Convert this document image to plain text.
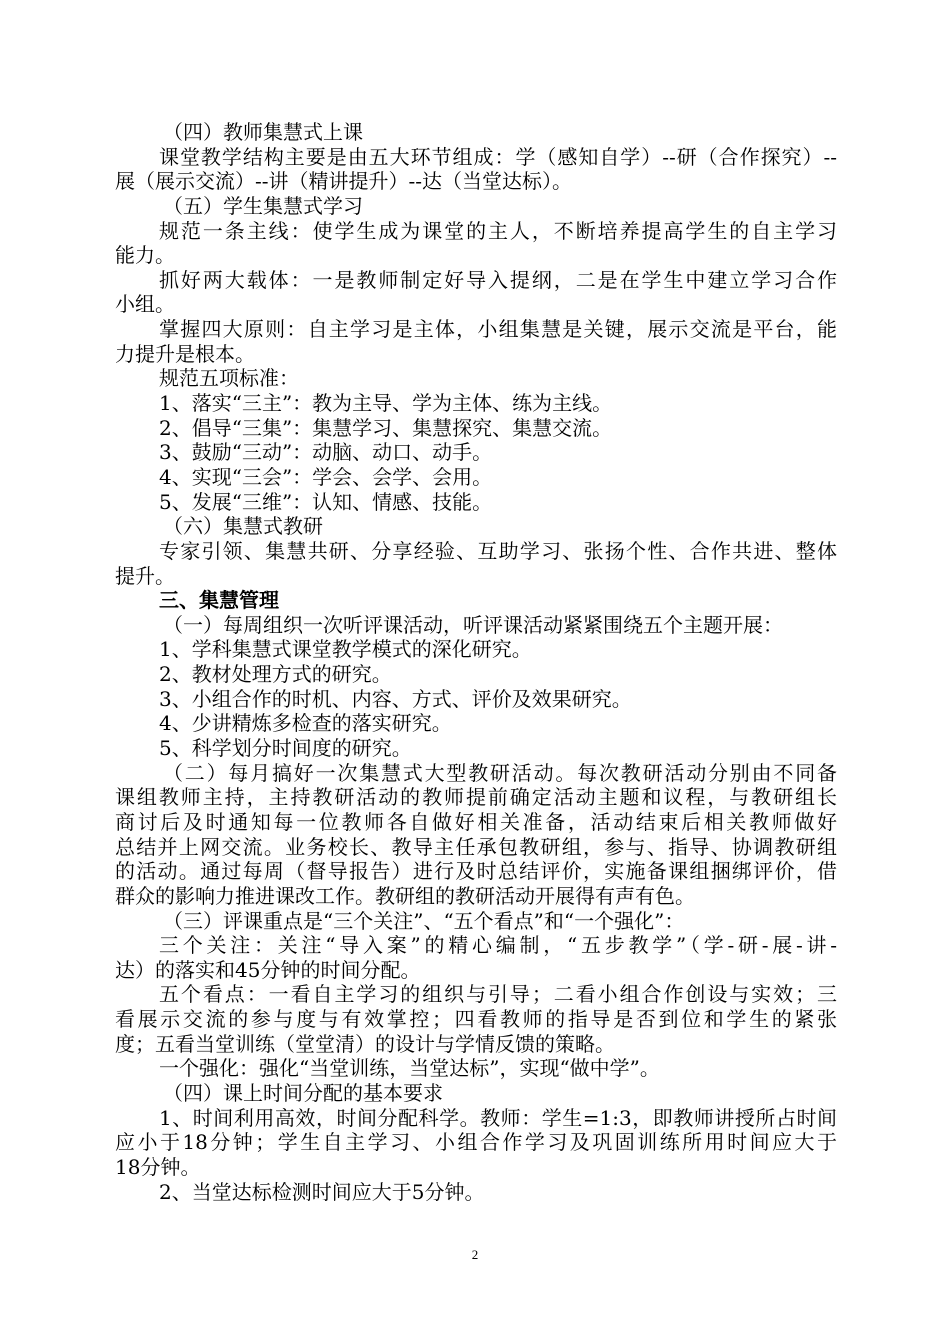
（四）教师集慧式上课
课堂教学结构主要是由五大环节组成：学（感知自学）--研（合作探究）--
展（展示交流）--讲（精讲提升）--达（当堂达标）。
（五）学生集慧式学习
规范一条主线：使学生成为课堂的主人，不断培养提高学生的自主学习
能力。
抓好两大载体：一是教师制定好导入提纲，二是在学生中建立学习合作
小组。
掌握四大原则：自主学习是主体，小组集慧是关键，展示交流是平台，能
力提升是根本。
规范五项标准：
1、落实“三主”：教为主导、学为主体、练为主线。
2、倡导“三集”：集慧学习、集慧探究、集慧交流。
3、鼓励“三动”：动脑、动口、动手。
4、实现“三会”：学会、会学、会用。
5、发展“三维”：认知、情感、技能。
（六）集慧式教研
专家引领、集慧共研、分享经验、互助学习、张扬个性、合作共进、整体
提升。
三、集慧管理
（一）每周组织一次听评课活动，听评课活动紧紧围绕五个主题开展：
1、学科集慧式课堂教学模式的深化研究。
2、教材处理方式的研究。
3、小组合作的时机、内容、方式、评价及效果研究。
4、少讲精炼多检查的落实研究。
5、科学划分时间度的研究。
（二）每月搞好一次集慧式大型教研活动。每次教研活动分别由不同备
课组教师主持，主持教研活动的教师提前确定活动主题和议程，与教研组长
商讨后及时通知每一位教师各自做好相关准备，活动结束后相关教师做好
总结并上网交流。业务校长、教导主任承包教研组，参与、指导、协调教研组
的活动。通过每周（督导报告）进行及时总结评价，实施备课组捆绑评价，借
群众的影响力推进课改工作。教研组的教研活动开展得有声有色。
（三）评课重点是“三个关注”、“五个看点”和“一个强化”：
三个关注：关注“导入案”的精心编制，“五步教学”（学-研-展-讲-
达）的落实和45分钟的时间分配。
五个看点：一看自主学习的组织与引导；二看小组合作创设与实效；三
看展示交流的参与度与有效掌控；四看教师的指导是否到位和学生的紧张
度；五看当堂训练（堂堂清）的设计与学情反馈的策略。
一个强化：强化“当堂训练，当堂达标”，实现“做中学”。
（四）课上时间分配的基本要求
1、时间利用高效，时间分配科学。教师：学生=1:3，即教师讲授所占时间
应小于18分钟；学生自主学习、小组合作学习及巩固训练所用时间应大于
18分钟。
2、当堂达标检测时间应大于5分钟。
2
